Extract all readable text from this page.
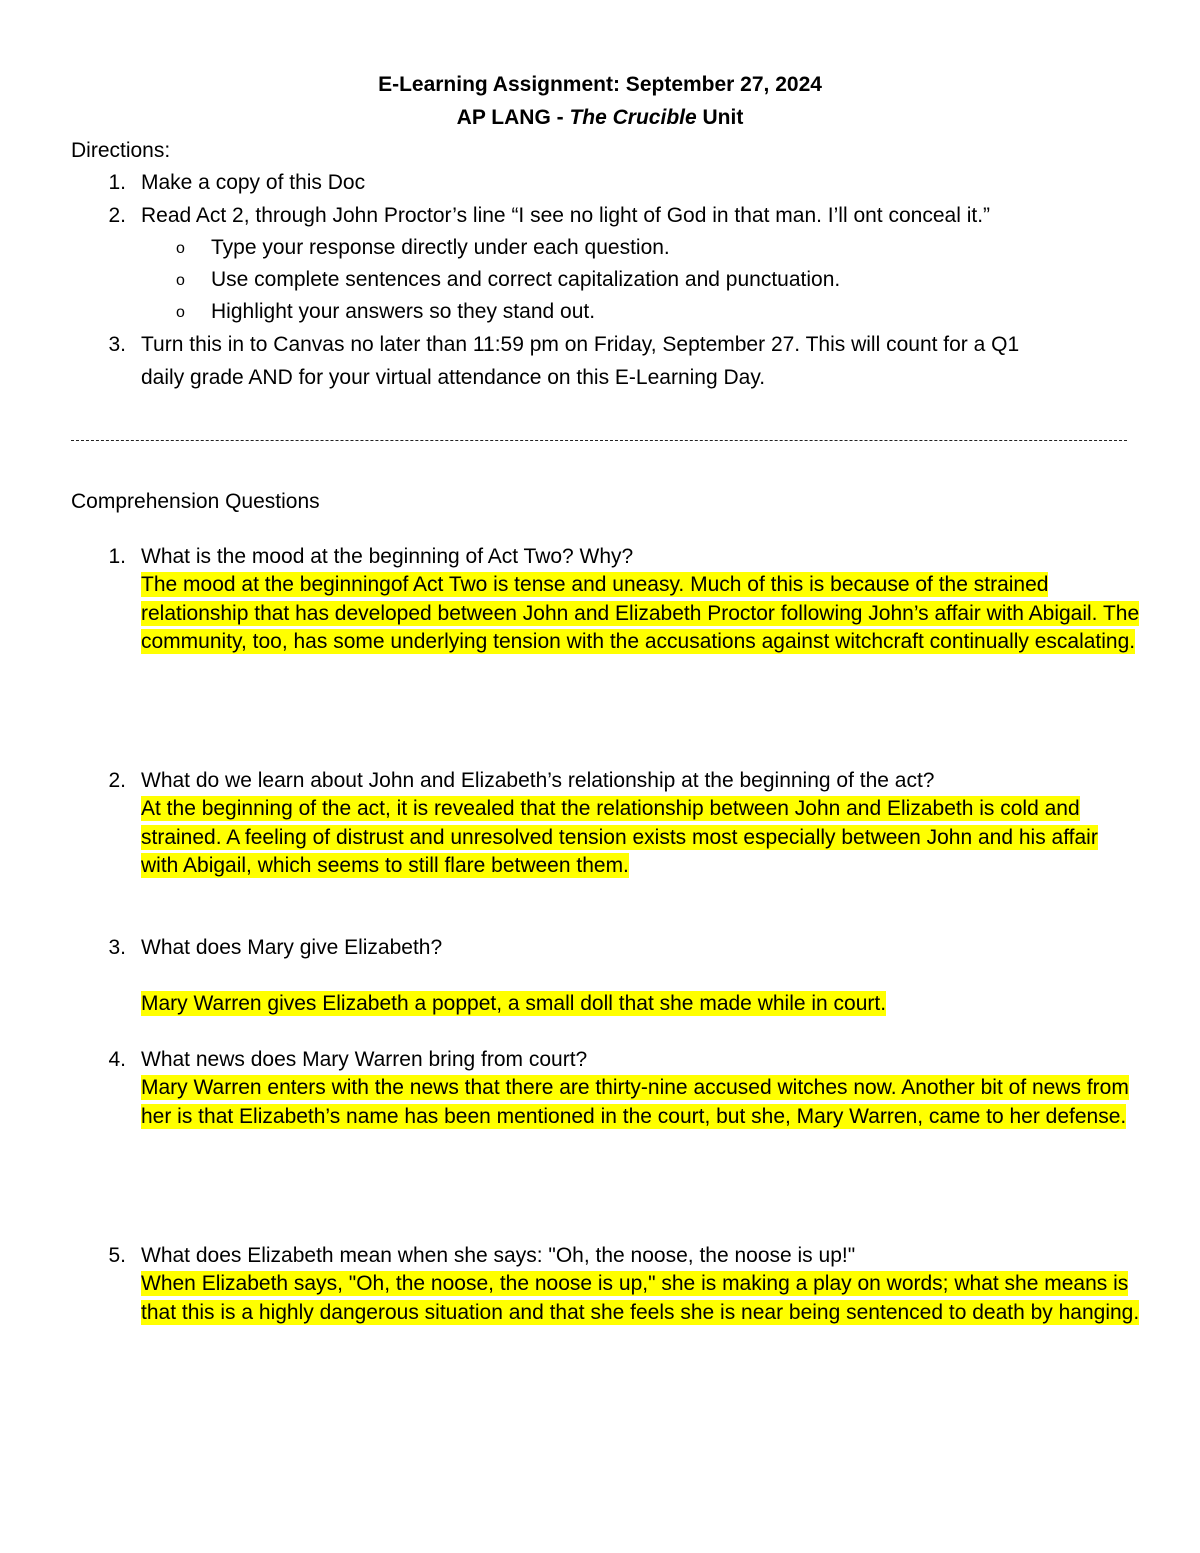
E-Learning Assignment: September 27, 2024
AP LANG - The Crucible Unit
Directions:
1. Make a copy of this Doc
2. Read Act 2, through John Proctor’s line “I see no light of God in that man. I’ll ont conceal it.”
o Type your response directly under each question.
o Use complete sentences and correct capitalization and punctuation.
o Highlight your answers so they stand out.
3. Turn this in to Canvas no later than 11:59 pm on Friday, September 27. This will count for a Q1
daily grade AND for your virtual attendance on this E-Learning Day.
Comprehension Questions
1. What is the mood at the beginning of Act Two? Why?
The mood at the beginningof Act Two is tense and uneasy. Much of this is because of the strained relationship that has developed between John and Elizabeth Proctor following John’s affair with Abigail. The community, too, has some underlying tension with the accusations against witchcraft continually escalating.
2. What do we learn about John and Elizabeth’s relationship at the beginning of the act?
At the beginning of the act, it is revealed that the relationship between John and Elizabeth is cold and strained. A feeling of distrust and unresolved tension exists most especially between John and his affair with Abigail, which seems to still flare between them.
3. What does Mary give Elizabeth?
Mary Warren gives Elizabeth a poppet, a small doll that she made while in court.
4. What news does Mary Warren bring from court?
Mary Warren enters with the news that there are thirty-nine accused witches now. Another bit of news from her is that Elizabeth’s name has been mentioned in the court, but she, Mary Warren, came to her defense.
5. What does Elizabeth mean when she says: "Oh, the noose, the noose is up!"
When Elizabeth says, "Oh, the noose, the noose is up," she is making a play on words; what she means is that this is a highly dangerous situation and that she feels she is near being sentenced to death by hanging.
